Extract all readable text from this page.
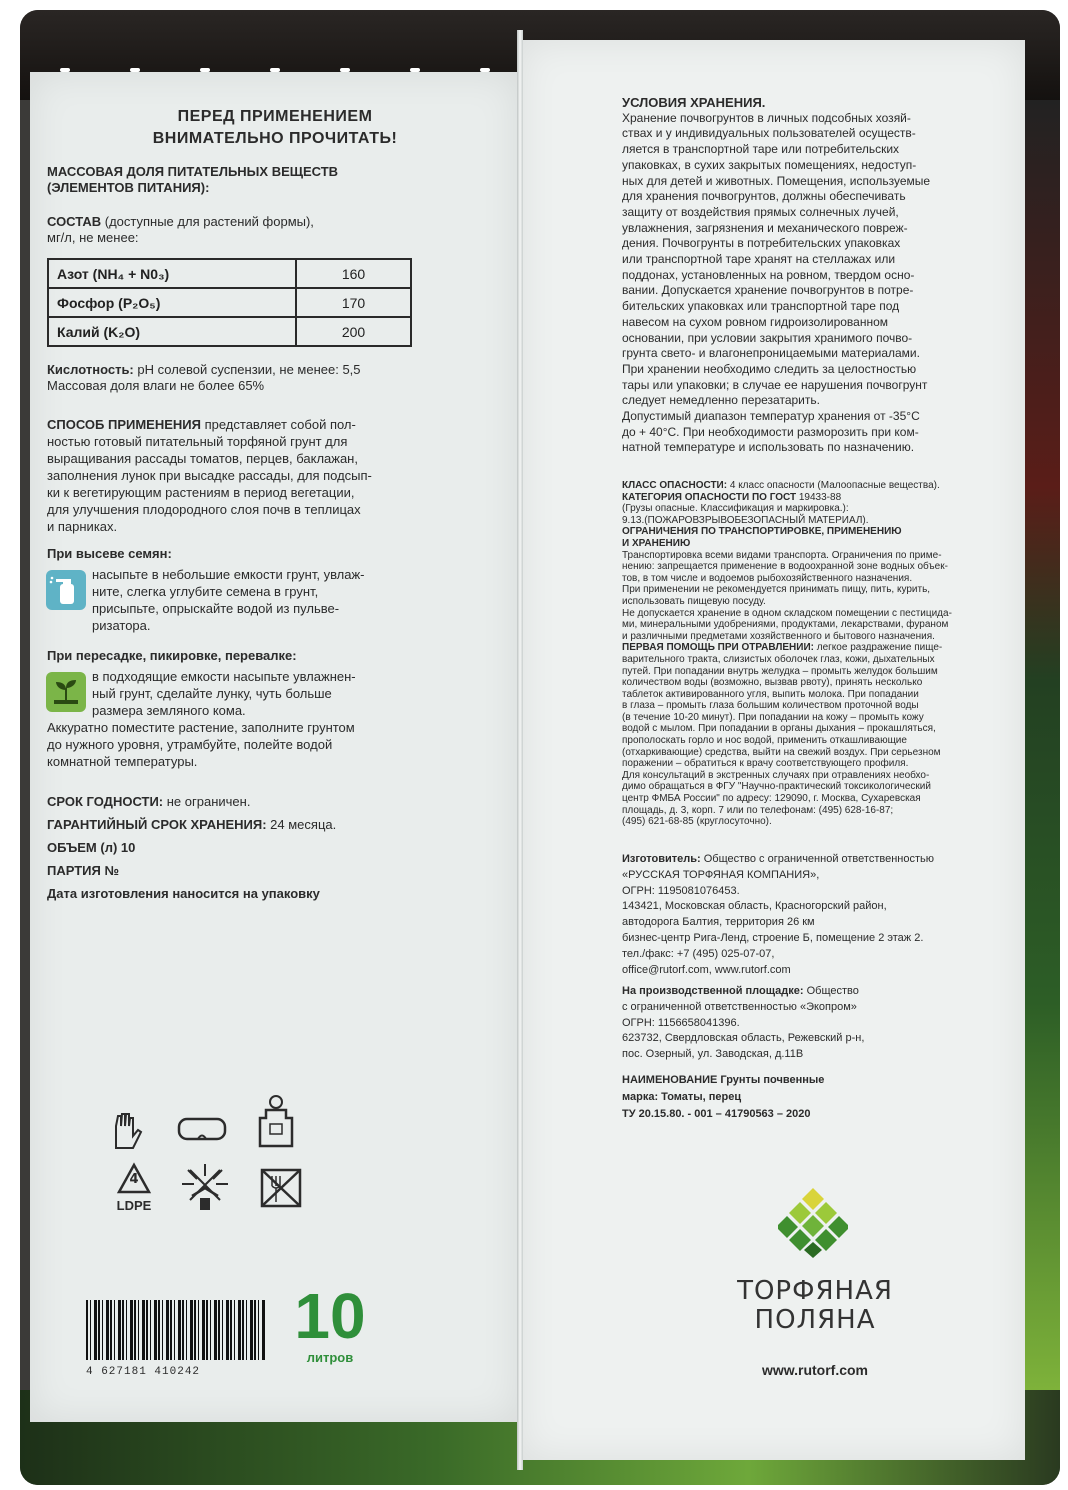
ПЕРЕД ПРИМЕНЕНИЕМ
ВНИМАТЕЛЬНО ПРОЧИТАТЬ!
МАССОВАЯ ДОЛЯ ПИТАТЕЛЬНЫХ ВЕЩЕСТВ
(ЭЛЕМЕНТОВ ПИТАНИЯ):
СОСТАВ (доступные для растений формы),
мг/л, не менее:
Азот (NH₄ + N0₃)	160
Фосфор (P₂O₅)	170
Калий (K₂O)	200
Кислотность: pH солевой суспензии, не менее: 5,5
Массовая доля влаги не более 65%
СПОСОБ ПРИМЕНЕНИЯ представляет собой пол-
ностью готовый питательный торфяной грунт для
выращивания рассады томатов, перцев, баклажан,
заполнения лунок при высадке рассады, для подсып-
ки к вегетирующим растениям в период вегетации,
для улучшения плодородного слоя почв в теплицах
и парниках.
При высеве семян:
насыпьте в небольшие емкости грунт, увлаж-
ните, слегка углубите семена в грунт,
присыпьте, опрыскайте водой из пульве-
ризатора.
При пересадке, пикировке, перевалке:
в подходящие емкости насыпьте увлажнен-
ный грунт, сделайте лунку, чуть больше
размера земляного кома.
Аккуратно поместите растение, заполните грунтом
до нужного уровня, утрамбуйте, полейте водой
комнатной температуры.
СРОК ГОДНОСТИ: не ограничен.
ГАРАНТИЙНЫЙ СРОК ХРАНЕНИЯ: 24 месяца.
ОБЪЕМ (л) 10
ПАРТИЯ №
Дата изготовления наносится на упаковку
4
LDPE
4 627181 410242
10
литров
УСЛОВИЯ ХРАНЕНИЯ.
Хранение почвогрунтов в личных подсобных хозяй-
ствах и у индивидуальных пользователей осуществ-
ляется в транспортной таре или потребительских
упаковках, в сухих закрытых помещениях, недоступ-
ных для детей и животных. Помещения, используемые
для хранения почвогрунтов, должны обеспечивать
защиту от воздействия прямых солнечных лучей,
увлажнения, загрязнения и механического повреж-
дения. Почвогрунты в потребительских упаковках
или транспортной таре хранят на стеллажах или
поддонах, установленных на ровном, твердом осно-
вании. Допускается хранение почвогрунтов в потре-
бительских упаковках или транспортной таре под
навесом на сухом ровном гидроизолированном
основании, при условии закрытия хранимого почво-
грунта свето- и влагонепроницаемыми материалами.
При хранении необходимо следить за целостностью
тары или упаковки; в случае ее нарушения почвогрунт
следует немедленно перезатарить.
Допустимый диапазон температур хранения от -35°С
до + 40°С. При необходимости разморозить при ком-
натной температуре и использовать по назначению.
КЛАСС ОПАСНОСТИ: 4 класс опасности (Малоопасные вещества).
КАТЕГОРИЯ ОПАСНОСТИ ПО ГОСТ 19433-88
(Грузы опасные. Классификация и маркировка.):
9.13.(ПОЖАРОВЗРЫВОБЕЗОПАСНЫЙ МАТЕРИАЛ).
ОГРАНИЧЕНИЯ ПО ТРАНСПОРТИРОВКЕ, ПРИМЕНЕНИЮ
И ХРАНЕНИЮ
Транспортировка всеми видами транспорта. Ограничения по приме-
нению: запрещается применение в водоохранной зоне водных объек-
тов, в том числе и водоемов рыбохозяйственного назначения.
При применении не рекомендуется принимать пищу, пить, курить,
использовать пищевую посуду.
Не допускается хранение в одном складском помещении с пестицида-
ми, минеральными удобрениями, продуктами, лекарствами, фураном
и различными предметами хозяйственного и бытового назначения.
ПЕРВАЯ ПОМОЩЬ ПРИ ОТРАВЛЕНИИ: легкое раздражение пище-
варительного тракта, слизистых оболочек глаз, кожи, дыхательных
путей. При попадании внутрь желудка – промыть желудок большим
количеством воды (возможно, вызвав рвоту), принять несколько
таблеток активированного угля, выпить молока. При попадании
в глаза – промыть глаза большим количеством проточной воды
(в течение 10-20 минут). При попадании на кожу – промыть кожу
водой с мылом. При попадании в органы дыхания – прокашляться,
прополоскать горло и нос водой, применить откашливающие
(отхаркивающие) средства, выйти на свежий воздух. При серьезном
поражении – обратиться к врачу соответствующего профиля.
Для консультаций в экстренных случаях при отравлениях необхо-
димо обращаться в ФГУ "Научно-практический токсикологический
центр ФМБА России" по адресу: 129090, г. Москва, Сухаревская
площадь, д. 3, корп. 7 или по телефонам: (495) 628-16-87;
(495) 621-68-85 (круглосуточно).
Изготовитель: Общество с ограниченной ответственностью
«РУССКАЯ ТОРФЯНАЯ КОМПАНИЯ»,
ОГРН: 1195081076453.
143421, Московская область, Красногорский район,
автодорога Балтия, территория 26 км
бизнес-центр Рига-Ленд, строение Б, помещение 2 этаж 2.
тел./факс: +7 (495) 025-07-07,
office@rutorf.com, www.rutorf.com
На производственной площадке: Общество
с ограниченной ответственностью «Экопром»
ОГРН: 1156658041396.
623732, Свердловская область, Режевский р-н,
пос. Озерный, ул. Заводская, д.11В
НАИМЕНОВАНИЕ Грунты почвенные
марка: Томаты, перец
ТУ 20.15.80. - 001 – 41790563 – 2020
ТОРФЯНАЯ
ПОЛЯНА
www.rutorf.com
